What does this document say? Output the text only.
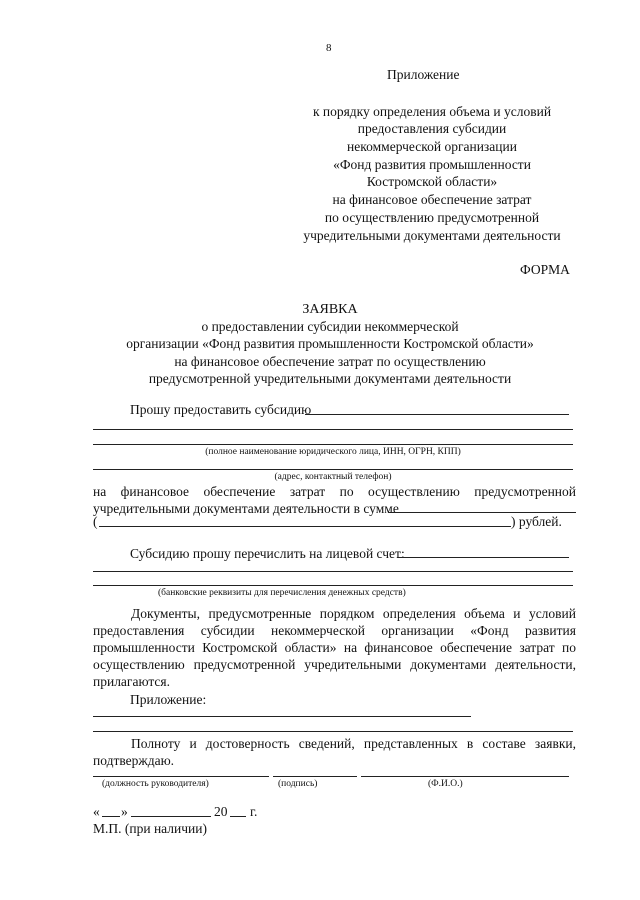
8
Приложение
к порядку определения объема и условий
предоставления субсидии
некоммерческой организации
«Фонд развития промышленности
Костромской области»
на финансовое обеспечение затрат
по осуществлению предусмотренной
учредительными документами деятельности
ФОРМА
ЗАЯВКА
о предоставлении субсидии некоммерческой
организации «Фонд развития промышленности Костромской области»
на финансовое обеспечение затрат по осуществлению
предусмотренной учредительными документами деятельности
Прошу предоставить субсидию
(полное наименование юридического лица, ИНН, ОГРН, КПП)
(адрес, контактный телефон)
на финансовое обеспечение затрат по осуществлению предусмотренной
учредительными документами деятельности в сумме
(	) рублей.
Субсидию прошу перечислить на лицевой счет:
(банковские реквизиты для перечисления денежных средств)
Документы, предусмотренные порядком определения объема и условий предоставления субсидии некоммерческой организации «Фонд развития промышленности Костромской области» на финансовое обеспечение затрат по осуществлению предусмотренной учредительными документами деятельности, прилагаются.
Приложение:
Полноту и достоверность сведений, представленных в составе заявки, подтверждаю.
(должность руководителя)	(подпись)	(Ф.И.О.)
« »	20 г.
М.П. (при наличии)
